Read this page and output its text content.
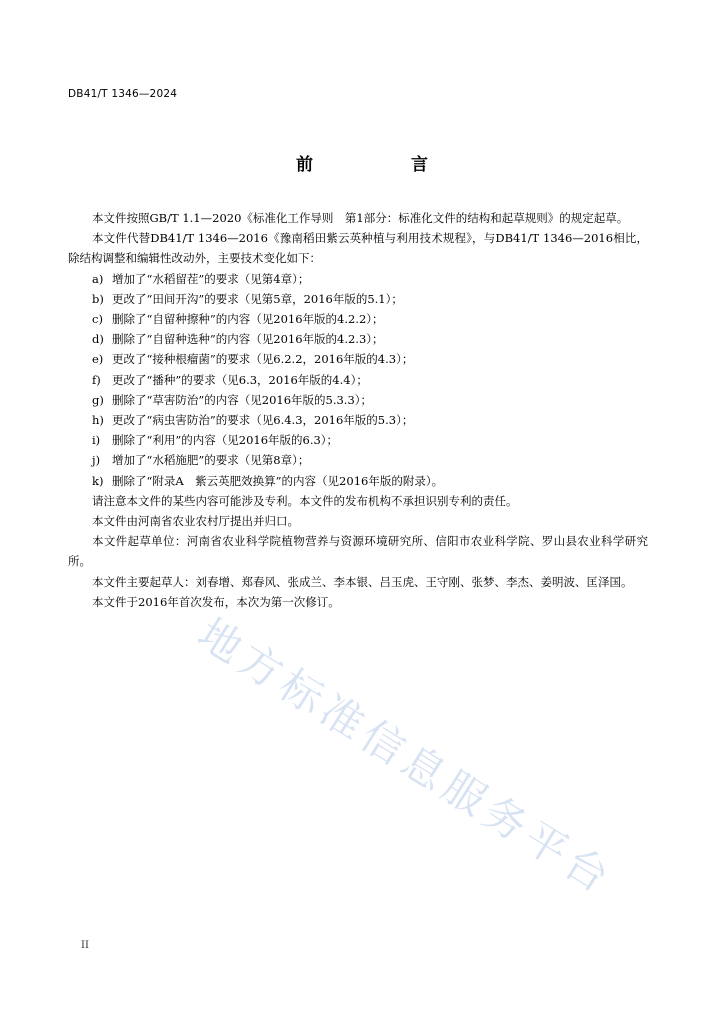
DB41/T 1346—2024
前 言

本文件按照GB/T 1.1—2020《标准化工作导则　第1部分：标准化文件的结构和起草规则》的规定起草。

本文件代替DB41/T 1346—2016《豫南稻田紫云英种植与利用技术规程》，与DB41/T 1346—2016相比，除结构调整和编辑性改动外，主要技术变化如下：

a) 增加了“水稻留茬”的要求（见第4章）；

b) 更改了“田间开沟”的要求（见第5章，2016年版的5.1）；

c) 删除了“自留种擦种”的内容（见2016年版的4.2.2）；

d) 删除了“自留种选种”的内容（见2016年版的4.2.3）；

e) 更改了“接种根瘤菌”的要求（见6.2.2，2016年版的4.3）；

f) 更改了“播种”的要求（见6.3，2016年版的4.4）；

g) 删除了“草害防治”的内容（见2016年版的5.3.3）；

h) 更改了“病虫害防治”的要求（见6.4.3，2016年版的5.3）；

i) 删除了“利用”的内容（见2016年版的6.3）；

j) 增加了“水稻施肥”的要求（见第8章）；

k) 删除了“附录A　紫云英肥效换算”的内容（见2016年版的附录）。

请注意本文件的某些内容可能涉及专利。本文件的发布机构不承担识别专利的责任。

本文件由河南省农业农村厅提出并归口。

本文件起草单位：河南省农业科学院植物营养与资源环境研究所、信阳市农业科学院、罗山县农业科学研究所。

本文件主要起草人：刘春增、郑春风、张成兰、李本银、吕玉虎、王守刚、张梦、李杰、姜明波、匡泽国。

本文件于2016年首次发布，本次为第一次修订。

地方标准信息服务平台
II
